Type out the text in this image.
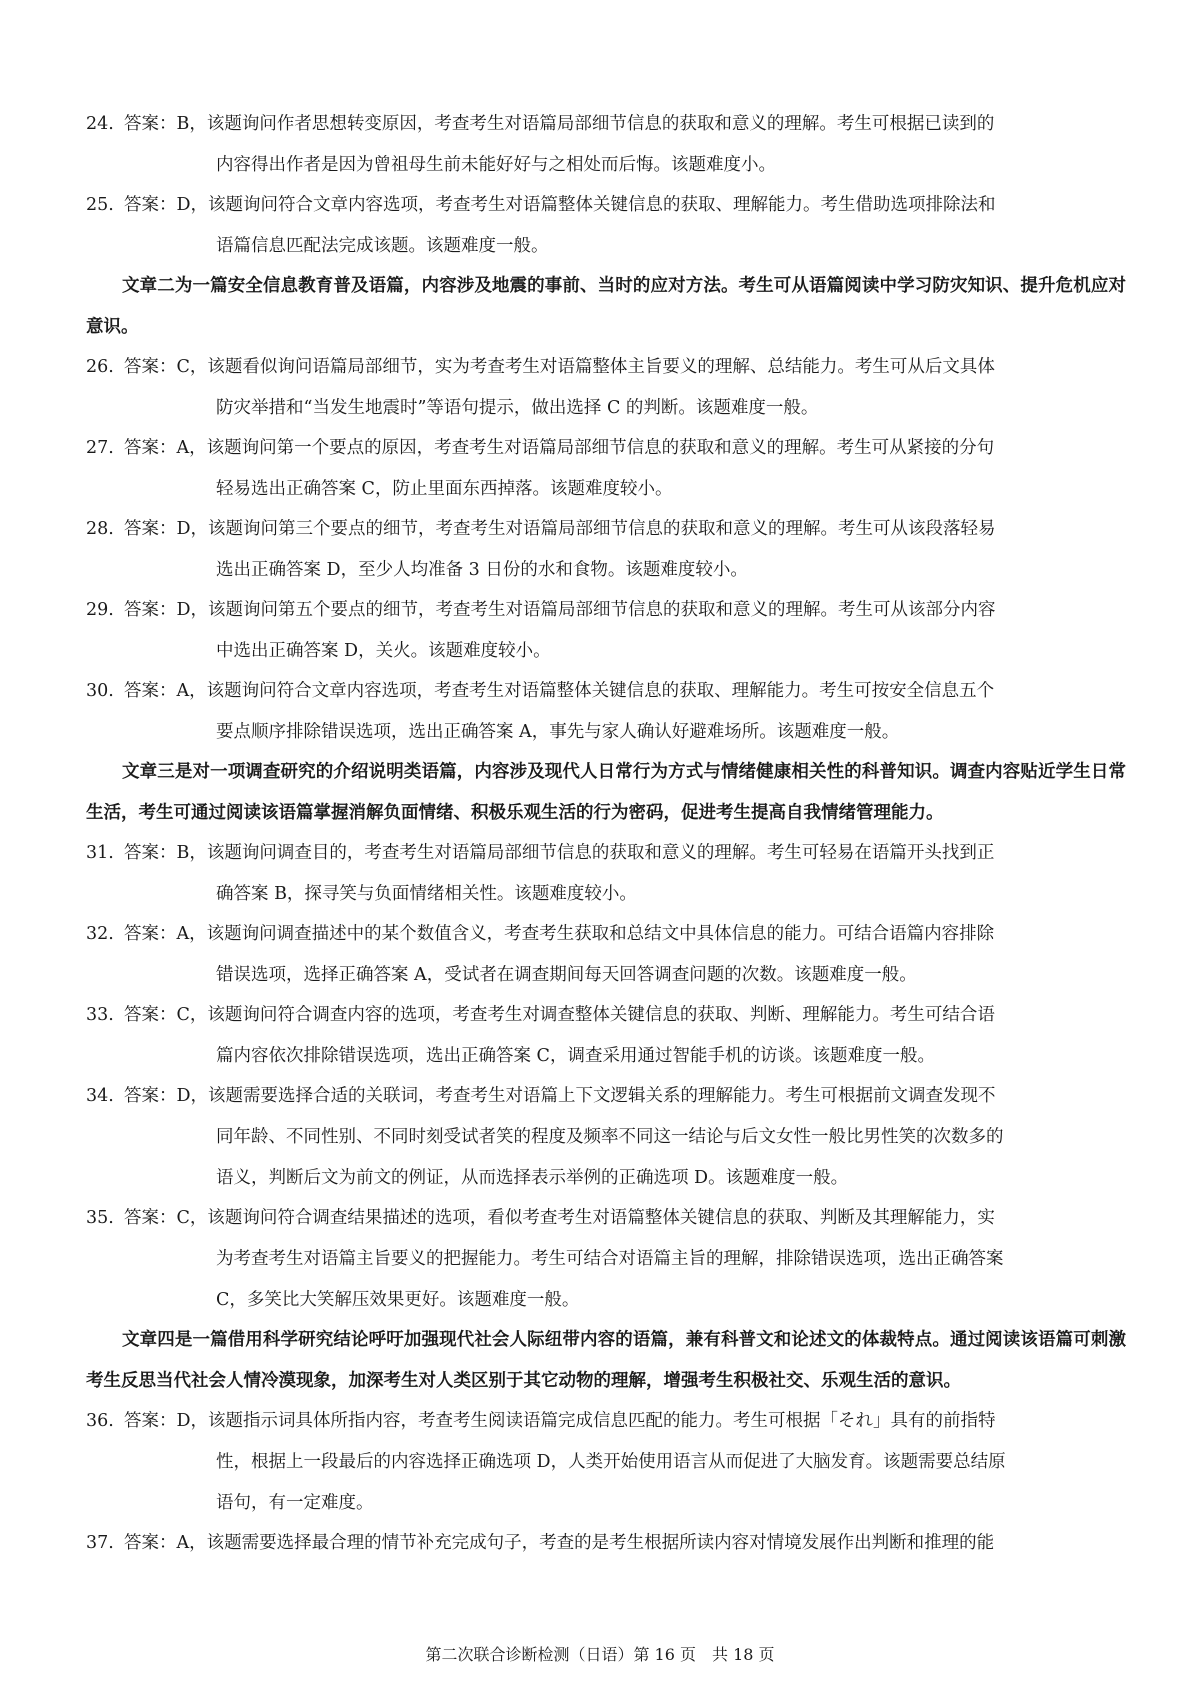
24. 答案： B，该题询问作者思想转变原因，考查考生对语篇局部细节信息的获取和意义的理解。考生可根据已读到的
内容得出作者是因为曾祖母生前未能好好与之相处而后悔。该题难度小。
25. 答案： D，该题询问符合文章内容选项，考查考生对语篇整体关键信息的获取、理解能力。考生借助选项排除法和
语篇信息匹配法完成该题。该题难度一般。

文章二为一篇安全信息教育普及语篇，内容涉及地震的事前、当时的应对方法。考生可从语篇阅读中学习防灾知识、提升危机应对意识。

26. 答案： C，该题看似询问语篇局部细节，实为考查考生对语篇整体主旨要义的理解、总结能力。考生可从后文具体
防灾举措和“当发生地震时”等语句提示，做出选择 C 的判断。该题难度一般。
27. 答案： A，该题询问第一个要点的原因，考查考生对语篇局部细节信息的获取和意义的理解。考生可从紧接的分句
轻易选出正确答案 C，防止里面东西掉落。该题难度较小。
28. 答案： D，该题询问第三个要点的细节，考查考生对语篇局部细节信息的获取和意义的理解。考生可从该段落轻易
选出正确答案 D，至少人均准备 3 日份的水和食物。该题难度较小。
29. 答案： D，该题询问第五个要点的细节，考查考生对语篇局部细节信息的获取和意义的理解。考生可从该部分内容
中选出正确答案 D，关火。该题难度较小。
30. 答案： A，该题询问符合文章内容选项，考查考生对语篇整体关键信息的获取、理解能力。考生可按安全信息五个
要点顺序排除错误选项，选出正确答案 A，事先与家人确认好避难场所。该题难度一般。

文章三是对一项调查研究的介绍说明类语篇，内容涉及现代人日常行为方式与情绪健康相关性的科普知识。调查内容贴近学生日常生活，考生可通过阅读该语篇掌握消解负面情绪、积极乐观生活的行为密码，促进考生提高自我情绪管理能力。

31. 答案： B，该题询问调查目的，考查考生对语篇局部细节信息的获取和意义的理解。考生可轻易在语篇开头找到正
确答案 B，探寻笑与负面情绪相关性。该题难度较小。
32. 答案： A，该题询问调查描述中的某个数值含义，考查考生获取和总结文中具体信息的能力。可结合语篇内容排除
错误选项，选择正确答案 A，受试者在调查期间每天回答调查问题的次数。该题难度一般。
33. 答案： C，该题询问符合调查内容的选项，考查考生对调查整体关键信息的获取、判断、理解能力。考生可结合语
篇内容依次排除错误选项，选出正确答案 C，调查采用通过智能手机的访谈。该题难度一般。
34. 答案： D，该题需要选择合适的关联词，考查考生对语篇上下文逻辑关系的理解能力。考生可根据前文调查发现不
同年龄、不同性别、不同时刻受试者笑的程度及频率不同这一结论与后文女性一般比男性笑的次数多的
语义，判断后文为前文的例证，从而选择表示举例的正确选项 D。该题难度一般。
35. 答案： C，该题询问符合调查结果描述的选项，看似考查考生对语篇整体关键信息的获取、判断及其理解能力，实
为考查考生对语篇主旨要义的把握能力。考生可结合对语篇主旨的理解，排除错误选项，选出正确答案
C，多笑比大笑解压效果更好。该题难度一般。

文章四是一篇借用科学研究结论呼吁加强现代社会人际纽带内容的语篇，兼有科普文和论述文的体裁特点。通过阅读该语篇可刺激考生反思当代社会人情冷漠现象，加深考生对人类区别于其它动物的理解，增强考生积极社交、乐观生活的意识。

36. 答案： D，该题指示词具体所指内容，考查考生阅读语篇完成信息匹配的能力。考生可根据「それ」具有的前指特
性，根据上一段最后的内容选择正确选项 D，人类开始使用语言从而促进了大脑发育。该题需要总结原
语句，有一定难度。
37. 答案： A，该题需要选择最合理的情节补充完成句子，考查的是考生根据所读内容对情境发展作出判断和推理的能
第二次联合诊断检测（日语）第 16 页　共 18 页
